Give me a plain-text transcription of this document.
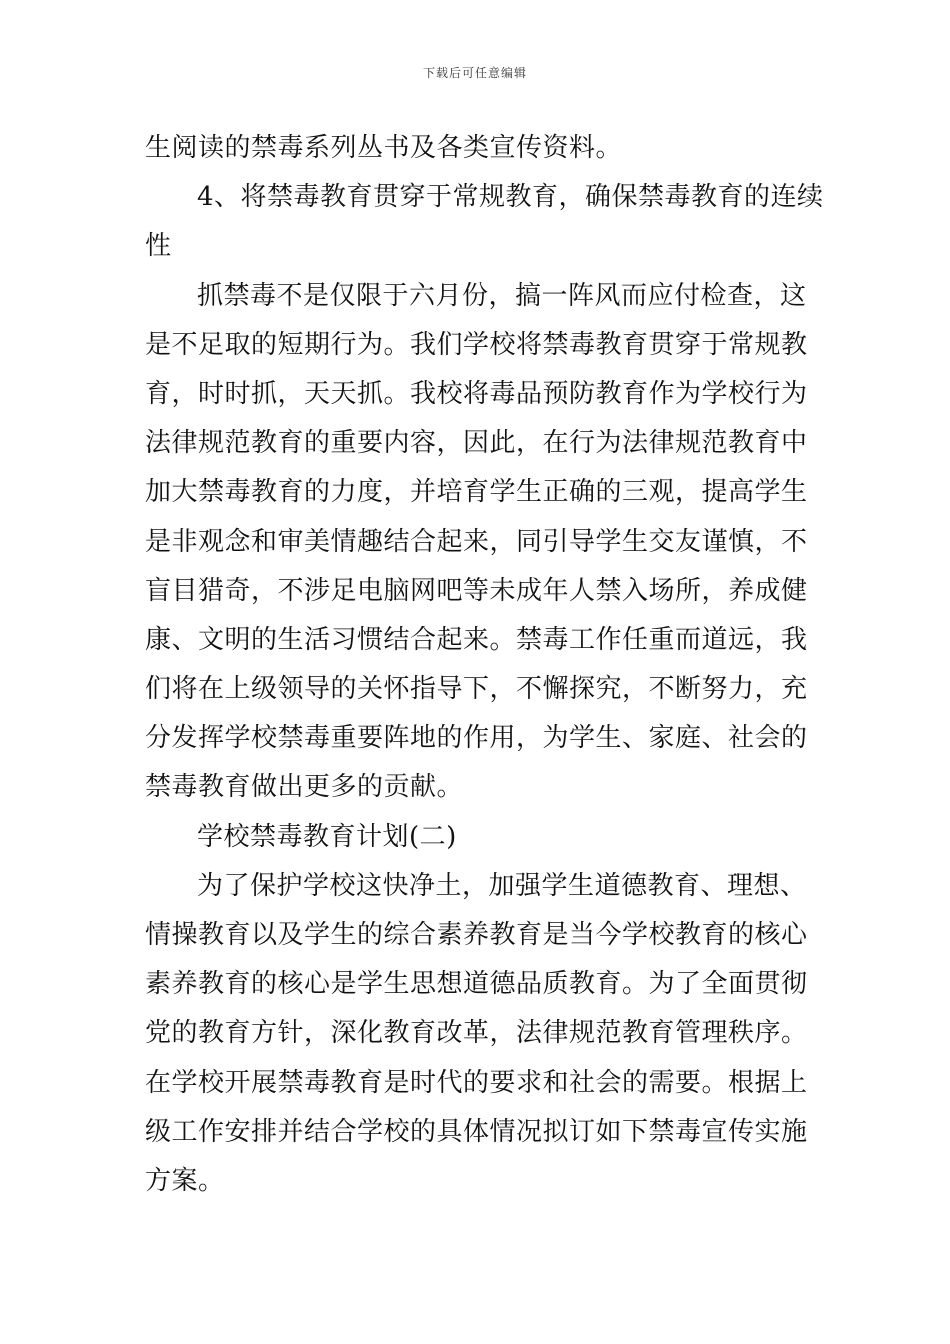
下载后可任意编辑
生阅读的禁毒系列丛书及各类宣传资料。
4、将禁毒教育贯穿于常规教育，确保禁毒教育的连续
性
抓禁毒不是仅限于六月份，搞一阵风而应付检查，这
是不足取的短期行为。我们学校将禁毒教育贯穿于常规教
育，时时抓，天天抓。我校将毒品预防教育作为学校行为
法律规范教育的重要内容，因此，在行为法律规范教育中
加大禁毒教育的力度，并培育学生正确的三观，提高学生
是非观念和审美情趣结合起来，同引导学生交友谨慎，不
盲目猎奇，不涉足电脑网吧等未成年人禁入场所，养成健
康、文明的生活习惯结合起来。禁毒工作任重而道远，我
们将在上级领导的关怀指导下，不懈探究，不断努力，充
分发挥学校禁毒重要阵地的作用，为学生、家庭、社会的
禁毒教育做出更多的贡献。
学校禁毒教育计划(二)
为了保护学校这快净土，加强学生道德教育、理想、
情操教育以及学生的综合素养教育是当今学校教育的核心
素养教育的核心是学生思想道德品质教育。为了全面贯彻
党的教育方针，深化教育改革，法律规范教育管理秩序。
在学校开展禁毒教育是时代的要求和社会的需要。根据上
级工作安排并结合学校的具体情况拟订如下禁毒宣传实施
方案。
